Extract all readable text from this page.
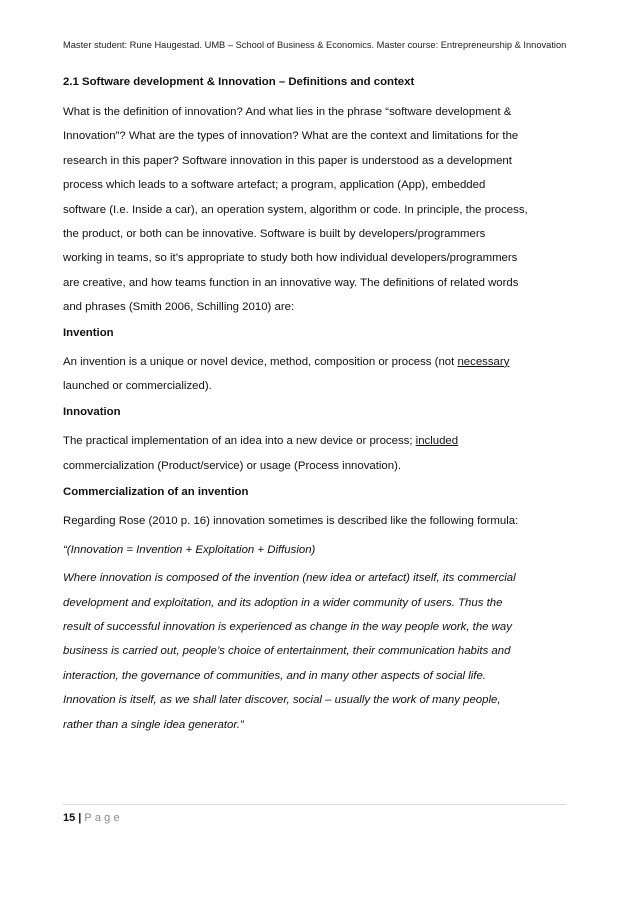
Master student: Rune Haugestad. UMB – School of Business & Economics. Master course: Entrepreneurship & Innovation
2.1 Software development & Innovation – Definitions and context
What is the definition of innovation? And what lies in the phrase “software development &
Innovation”? What are the types of innovation? What are the context and limitations for the
research in this paper? Software innovation in this paper is understood as a development
process which leads to a software artefact; a program, application (App), embedded
software (I.e. Inside a car), an operation system, algorithm or code. In principle, the process,
the product, or both can be innovative. Software is built by developers/programmers
working in teams, so it’s appropriate to study both how individual developers/programmers
are creative, and how teams function in an innovative way. The definitions of related words
and phrases (Smith 2006, Schilling 2010) are:
Invention
An invention is a unique or novel device, method, composition or process (not necessary
launched or commercialized).
Innovation
The practical implementation of an idea into a new device or process; included
commercialization (Product/service) or usage (Process innovation).
Commercialization of an invention
Regarding Rose (2010 p. 16) innovation sometimes is described like the following formula:
“(Innovation = Invention + Exploitation + Diffusion)
Where innovation is composed of the invention (new idea or artefact) itself, its commercial
development and exploitation, and its adoption in a wider community of users. Thus the
result of successful innovation is experienced as change in the way people work, the way
business is carried out, people’s choice of entertainment, their communication habits and
interaction, the governance of communities, and in many other aspects of social life.
Innovation is itself, as we shall later discover, social – usually the work of many people,
rather than a single idea generator.”
15 | Page
